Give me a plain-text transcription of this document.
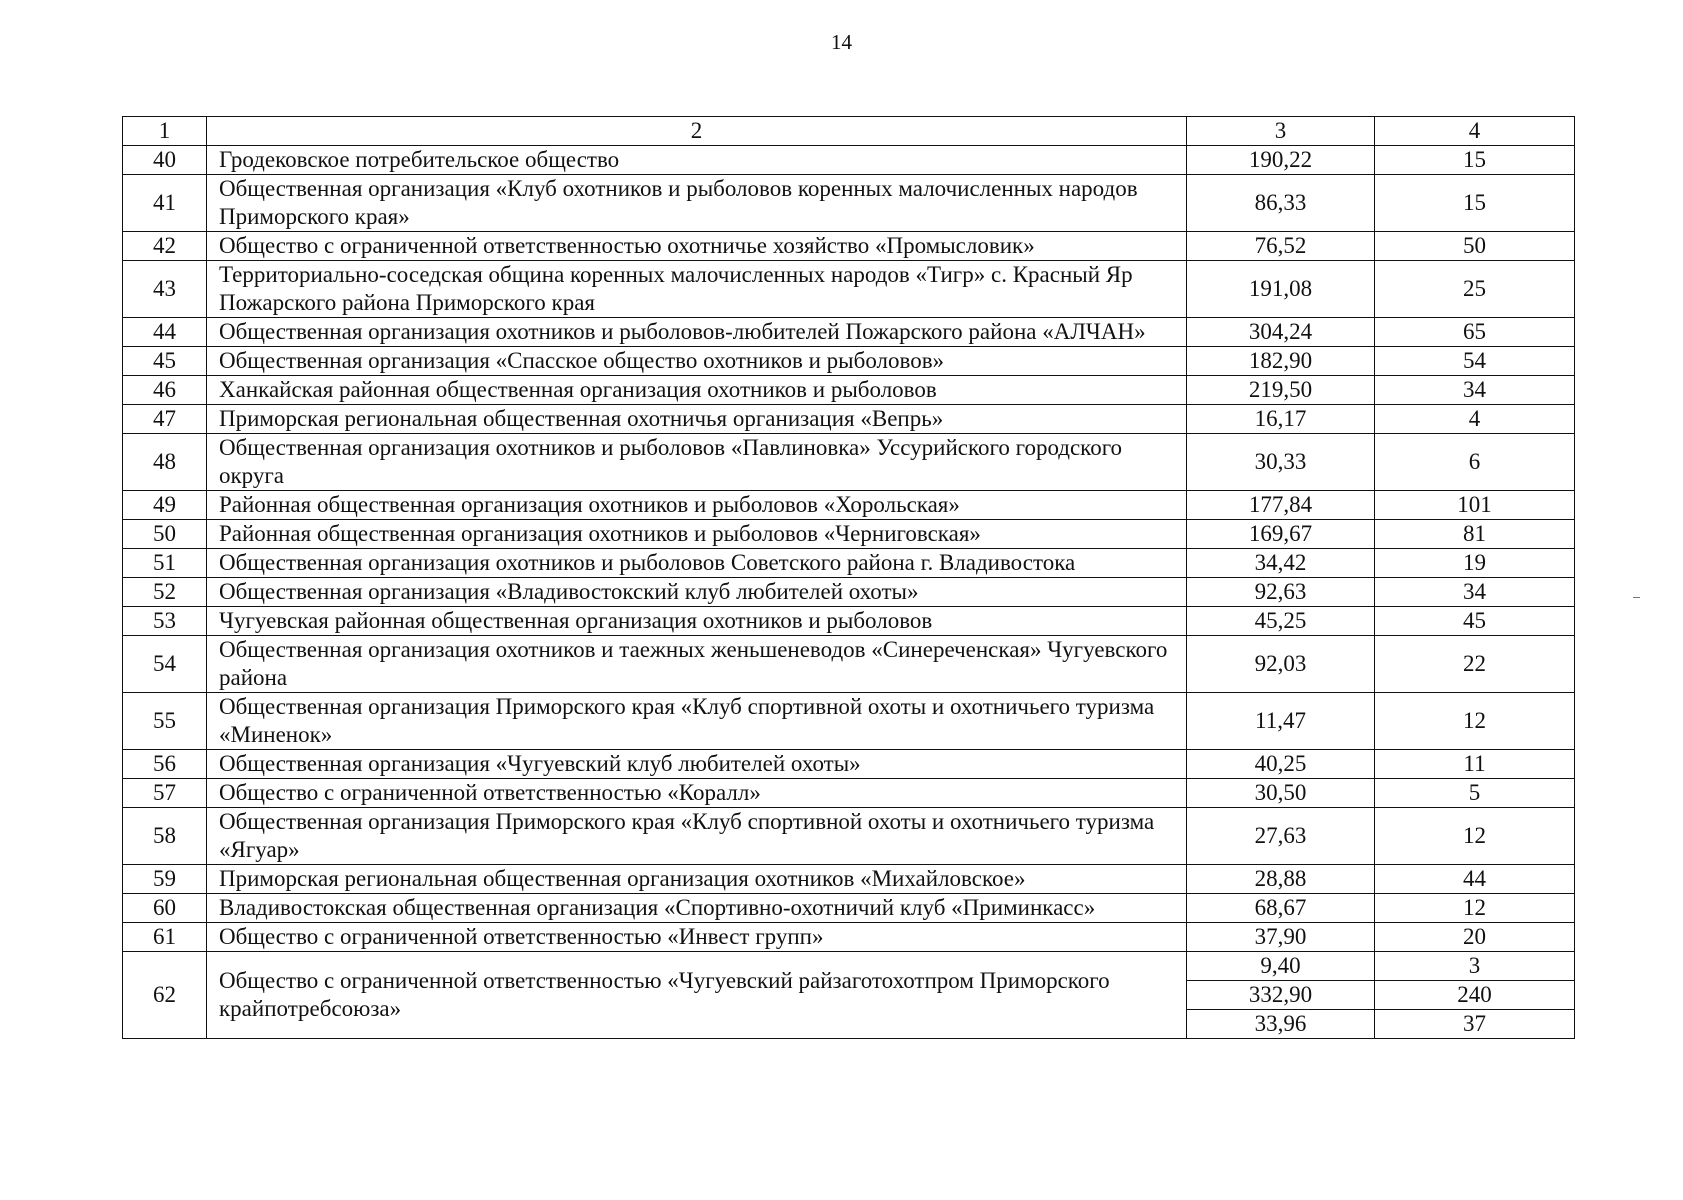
14
1	2	3	4
40	Гродековское потребительское общество	190,22	15
41	Общественная организация «Клуб охотников и рыболовов коренных малочисленных народов Приморского края»	86,33	15
42	Общество с ограниченной ответственностью охотничье хозяйство «Промысловик»	76,52	50
43	Территориально-соседская община коренных малочисленных народов «Тигр» с. Красный Яр Пожарского района Приморского края	191,08	25
44	Общественная организация охотников и рыболовов-любителей Пожарского района «АЛЧАН»	304,24	65
45	Общественная организация «Спасское общество охотников и рыболовов»	182,90	54
46	Ханкайская районная общественная организация охотников и рыболовов	219,50	34
47	Приморская региональная общественная охотничья организация «Вепрь»	16,17	4
48	Общественная организация охотников и рыболовов «Павлиновка» Уссурийского городского округа	30,33	6
49	Районная общественная организация охотников и рыболовов «Хорольская»	177,84	101
50	Районная общественная организация охотников и рыболовов «Черниговская»	169,67	81
51	Общественная организация охотников и рыболовов Советского района г. Владивостока	34,42	19
52	Общественная организация «Владивостокский клуб любителей охоты»	92,63	34
53	Чугуевская районная общественная организация охотников и рыболовов	45,25	45
54	Общественная организация охотников и таежных женьшеневодов «Синереченская» Чугуевского района	92,03	22
55	Общественная организация Приморского края «Клуб спортивной охоты и охотничьего туризма «Миненок»	11,47	12
56	Общественная организация «Чугуевский клуб любителей охоты»	40,25	11
57	Общество с ограниченной ответственностью «Коралл»	30,50	5
58	Общественная организация Приморского края «Клуб спортивной охоты и охотничьего туризма «Ягуар»	27,63	12
59	Приморская региональная общественная организация охотников «Михайловское»	28,88	44
60	Владивостокская общественная организация «Спортивно-охотничий клуб «Приминкасс»	68,67	12
61	Общество с ограниченной ответственностью «Инвест групп»	37,90	20
62	Общество с ограниченной ответственностью «Чугуевский райзаготохотпром Приморского крайпотребсоюза»	9,40	3
		332,90	240
		33,96	37
